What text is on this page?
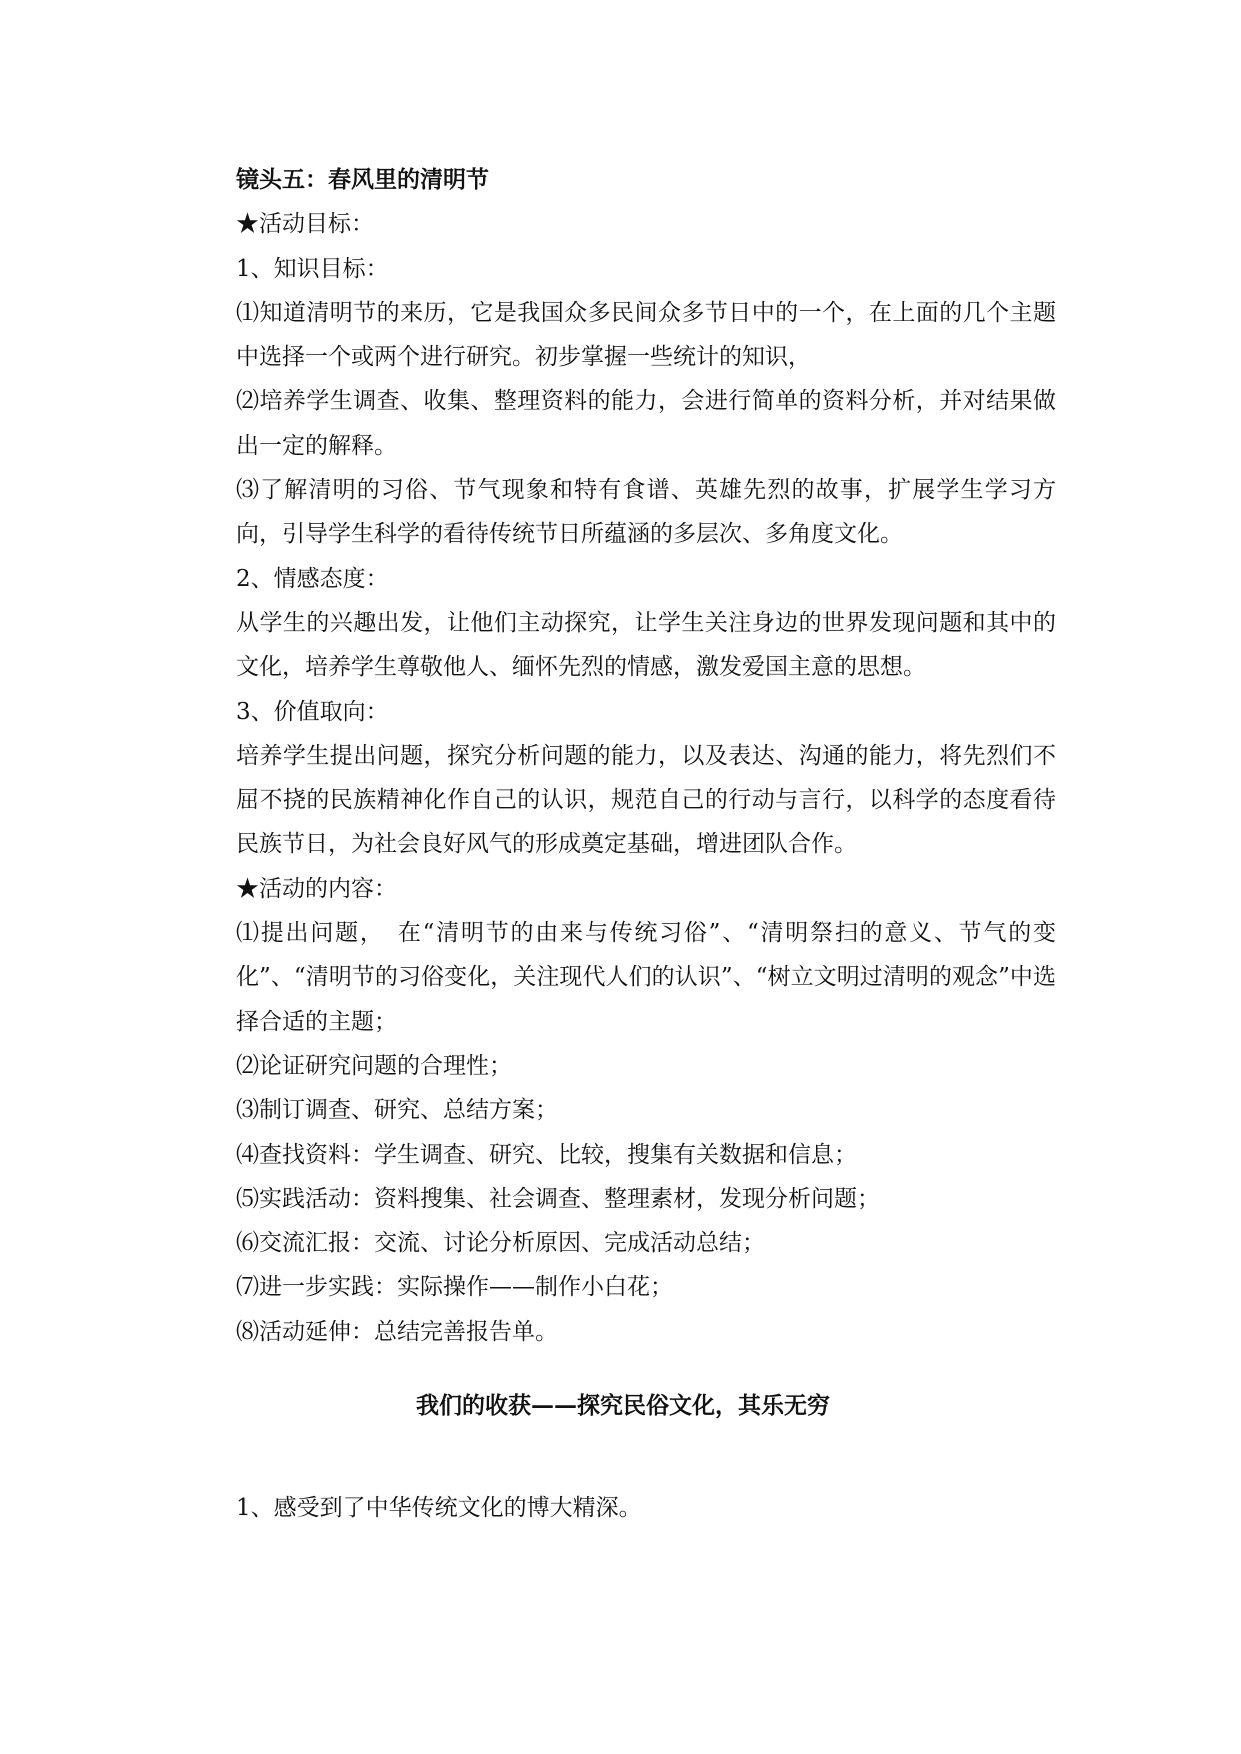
镜头五：春风里的清明节
★活动目标：
1、知识目标：
⑴知道清明节的来历，它是我国众多民间众多节日中的一个，在上面的几个主题中选择一个或两个进行研究。初步掌握一些统计的知识，
⑵培养学生调查、收集、整理资料的能力，会进行简单的资料分析，并对结果做出一定的解释。
⑶了解清明的习俗、节气现象和特有食谱、英雄先烈的故事，扩展学生学习方向，引导学生科学的看待传统节日所蕴涵的多层次、多角度文化。
2、情感态度：
从学生的兴趣出发，让他们主动探究，让学生关注身边的世界发现问题和其中的文化，培养学生尊敬他人、缅怀先烈的情感，激发爱国主意的思想。
3、价值取向：
培养学生提出问题，探究分析问题的能力，以及表达、沟通的能力，将先烈们不屈不挠的民族精神化作自己的认识，规范自己的行动与言行，以科学的态度看待民族节日，为社会良好风气的形成奠定基础，增进团队合作。
★活动的内容：
⑴提出问题，　在“清明节的由来与传统习俗”、“清明祭扫的意义、节气的变化”、“清明节的习俗变化，关注现代人们的认识”、“树立文明过清明的观念”中选择合适的主题；
⑵论证研究问题的合理性；
⑶制订调查、研究、总结方案；
⑷查找资料：学生调查、研究、比较，搜集有关数据和信息；
⑸实践活动：资料搜集、社会调查、整理素材，发现分析问题；
⑹交流汇报：交流、讨论分析原因、完成活动总结；
⑺进一步实践：实际操作——制作小白花；
⑻活动延伸：总结完善报告单。
我们的收获——探究民俗文化，其乐无穷
1、感受到了中华传统文化的博大精深。
